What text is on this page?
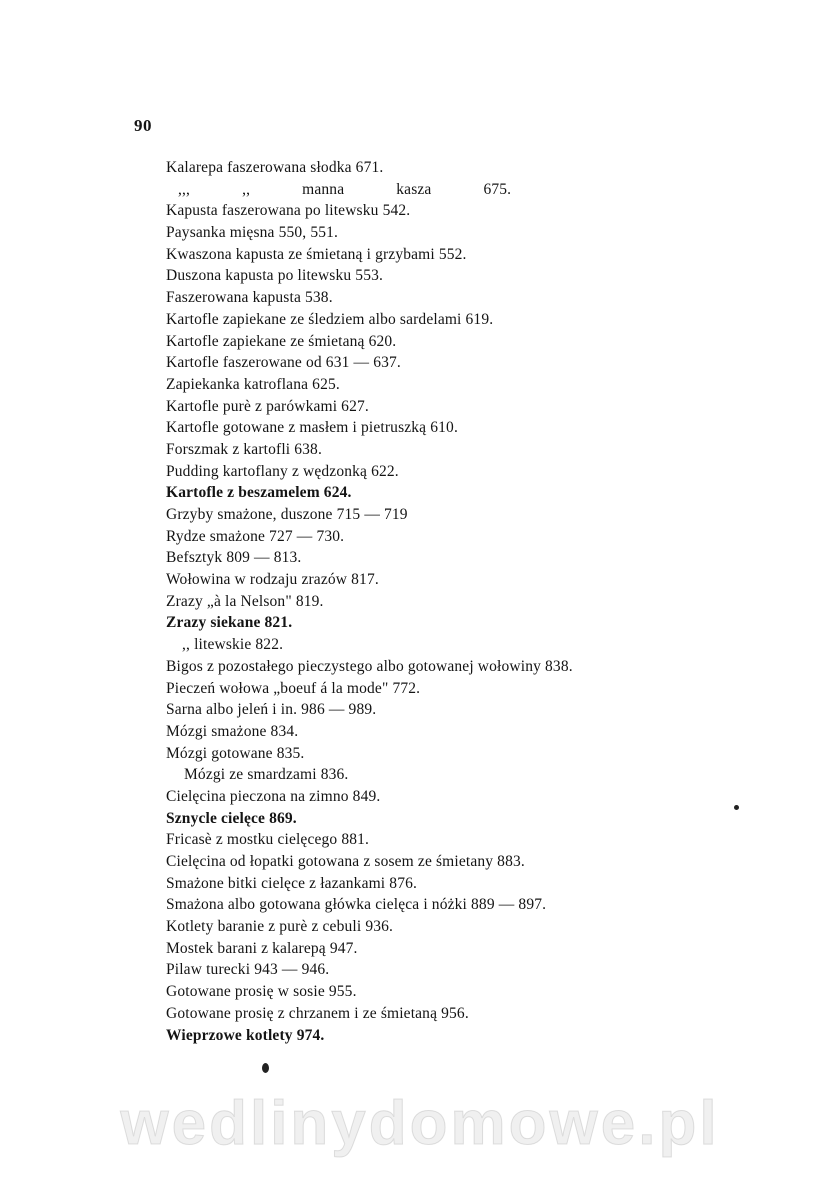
90
Kalarepa faszerowana słodka 671.
,,, ,, manna kasza 675.
Kapusta faszerowana po litewsku 542.
Paysanka mięsna 550, 551.
Kwaszona kapusta ze śmietaną i grzybami 552.
Duszona kapusta po litewsku 553.
Faszerowana kapusta 538.
Kartofle zapiekane ze śledziem albo sardelami 619.
Kartofle zapiekane ze śmietaną 620.
Kartofle faszerowane od 631 — 637.
Zapiekanka katroflana 625.
Kartofle purè z parówkami 627.
Kartofle gotowane z masłem i pietruszką 610.
Forszmak z kartofli 638.
Pudding kartoflany z wędzonką 622.
Kartofle z beszamelem 624.
Grzyby smażone, duszone 715 — 719
Rydze smażone 727 — 730.
Befsztyk 809 — 813.
Wołowina w rodzaju zrazów 817.
Zrazy „à la Nelson" 819.
Zrazy siekane 821.
,, litewskie 822.
Bigos z pozostałego pieczystego albo gotowanej wołowiny 838.
Pieczeń wołowa „boeuf á la mode" 772.
Sarna albo jeleń i in. 986 — 989.
Mózgi smażone 834.
Mózgi gotowane 835.
Mózgi ze smardzami 836.
Cielęcina pieczona na zimno 849.
Sznycle cielęce 869.
Fricasè z mostku cielęcego 881.
Cielęcina od łopatki gotowana z sosem ze śmietany 883.
Smażone bitki cielęce z łazankami 876.
Smażona albo gotowana główka cielęca i nóżki 889 — 897.
Kotlety baranie z purè z cebuli 936.
Mostek barani z kalarepą 947.
Pilaw turecki 943 — 946.
Gotowane prosię w sosie 955.
Gotowane prosię z chrzanem i ze śmietaną 956.
Wieprzowe kotlety 974.
wedlinydomowe.pl
